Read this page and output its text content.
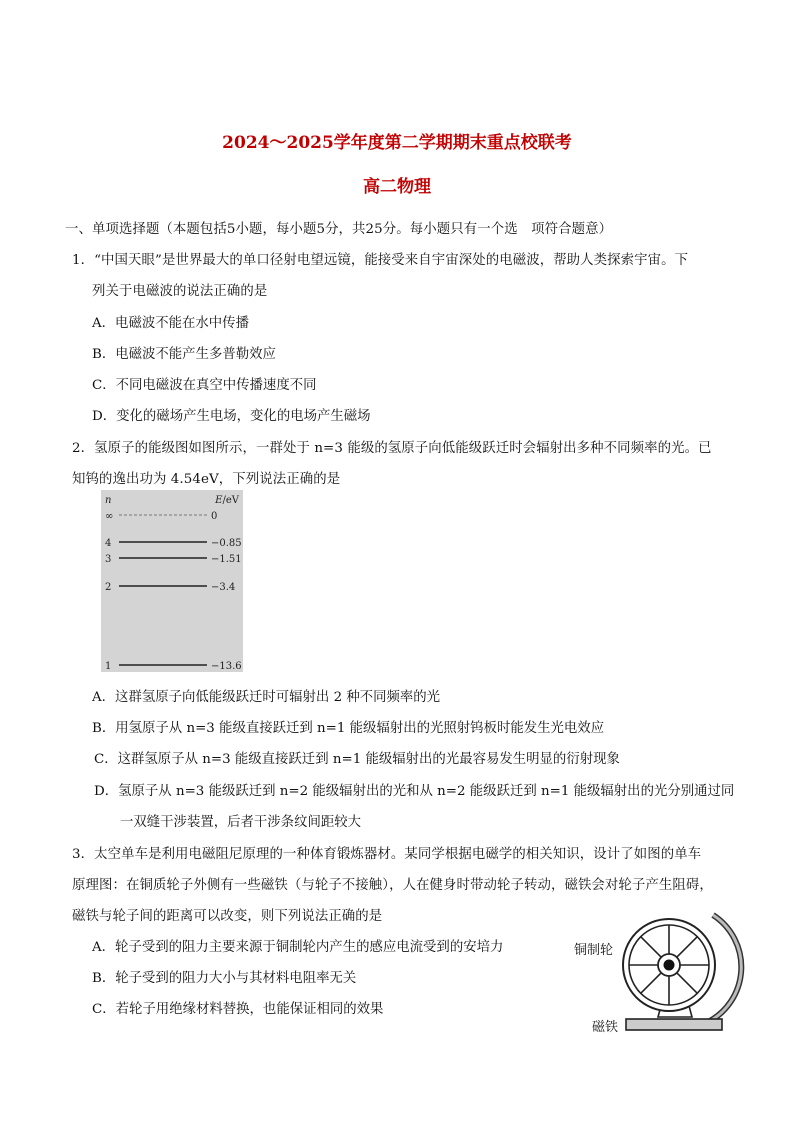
2024～2025学年度第二学期期末重点校联考
高二物理
一、单项选择题（本题包括5小题，每小题5分，共25分。每小题只有一个选　项符合题意）
1．“中国天眼”是世界最大的单口径射电望远镜，能接受来自宇宙深处的电磁波，帮助人类探索宇宙。下
列关于电磁波的说法正确的是
A．电磁波不能在水中传播
B．电磁波不能产生多普勒效应
C．不同电磁波在真空中传播速度不同
D．变化的磁场产生电场，变化的电场产生磁场
2．氢原子的能级图如图所示，一群处于 n=3 能级的氢原子向低能级跃迁时会辐射出多种不同频率的光。已
知钨的逸出功为 4.54eV，下列说法正确的是
n	E/eV
∞	0
4	−0.85
3	−1.51
2	−3.4
1	−13.6
A．这群氢原子向低能级跃迁时可辐射出 2 种不同频率的光
B．用氢原子从 n=3 能级直接跃迁到 n=1 能级辐射出的光照射钨板时能发生光电效应
C．这群氢原子从 n=3 能级直接跃迁到 n=1 能级辐射出的光最容易发生明显的衍射现象
D．氢原子从 n=3 能级跃迁到 n=2 能级辐射出的光和从 n=2 能级跃迁到 n=1 能级辐射出的光分别通过同
一双缝干涉装置，后者干涉条纹间距较大
3．太空单车是利用电磁阻尼原理的一种体育锻炼器材。某同学根据电磁学的相关知识，设计了如图的单车
原理图：在铜质轮子外侧有一些磁铁（与轮子不接触），人在健身时带动轮子转动，磁铁会对轮子产生阻碍，
磁铁与轮子间的距离可以改变，则下列说法正确的是
A．轮子受到的阻力主要来源于铜制轮内产生的感应电流受到的安培力
B．轮子受到的阻力大小与其材料电阻率无关
C．若轮子用绝缘材料替换，也能保证相同的效果
铜制轮
磁铁
